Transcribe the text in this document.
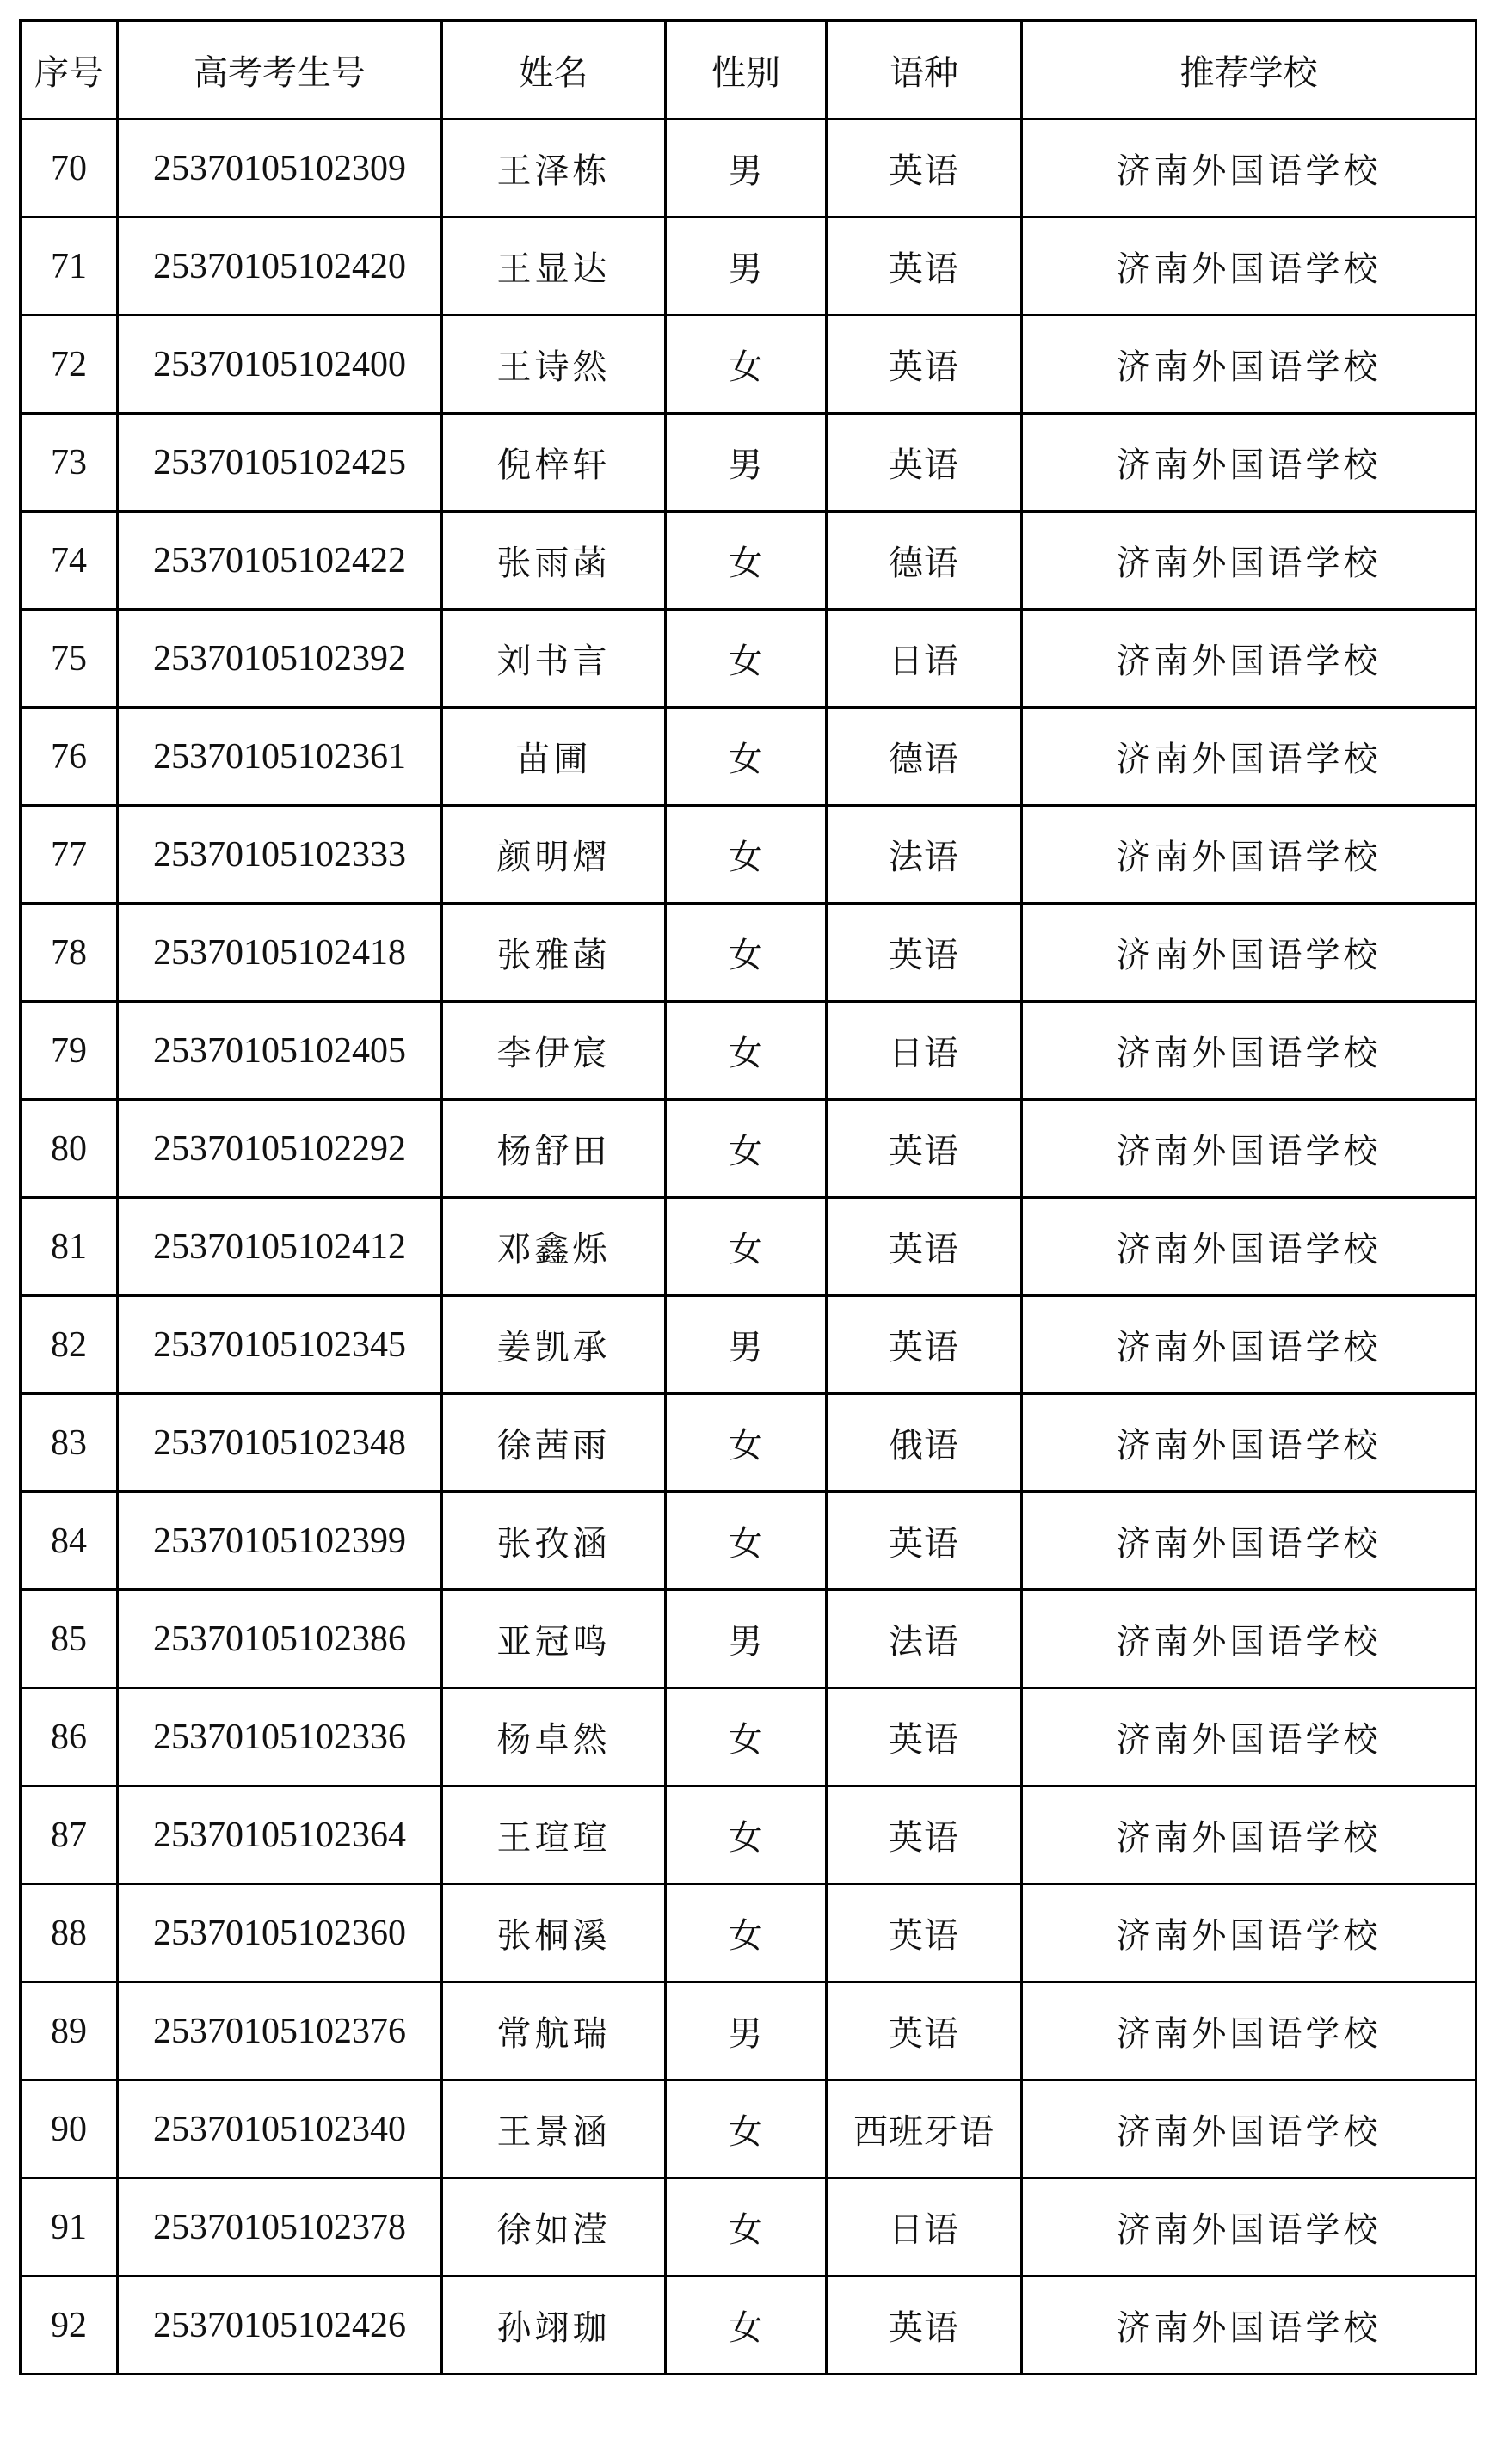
序号	高考考生号	姓名	性别	语种	推荐学校
70	25370105102309	王泽栋	男	英语	济南外国语学校
71	25370105102420	王显达	男	英语	济南外国语学校
72	25370105102400	王诗然	女	英语	济南外国语学校
73	25370105102425	倪梓轩	男	英语	济南外国语学校
74	25370105102422	张雨菡	女	德语	济南外国语学校
75	25370105102392	刘书言	女	日语	济南外国语学校
76	25370105102361	苗圃	女	德语	济南外国语学校
77	25370105102333	颜明熠	女	法语	济南外国语学校
78	25370105102418	张雅菡	女	英语	济南外国语学校
79	25370105102405	李伊宸	女	日语	济南外国语学校
80	25370105102292	杨舒田	女	英语	济南外国语学校
81	25370105102412	邓鑫烁	女	英语	济南外国语学校
82	25370105102345	姜凯承	男	英语	济南外国语学校
83	25370105102348	徐茜雨	女	俄语	济南外国语学校
84	25370105102399	张孜涵	女	英语	济南外国语学校
85	25370105102386	亚冠鸣	男	法语	济南外国语学校
86	25370105102336	杨卓然	女	英语	济南外国语学校
87	25370105102364	王瑄瑄	女	英语	济南外国语学校
88	25370105102360	张桐溪	女	英语	济南外国语学校
89	25370105102376	常航瑞	男	英语	济南外国语学校
90	25370105102340	王景涵	女	西班牙语	济南外国语学校
91	25370105102378	徐如滢	女	日语	济南外国语学校
92	25370105102426	孙翊珈	女	英语	济南外国语学校
